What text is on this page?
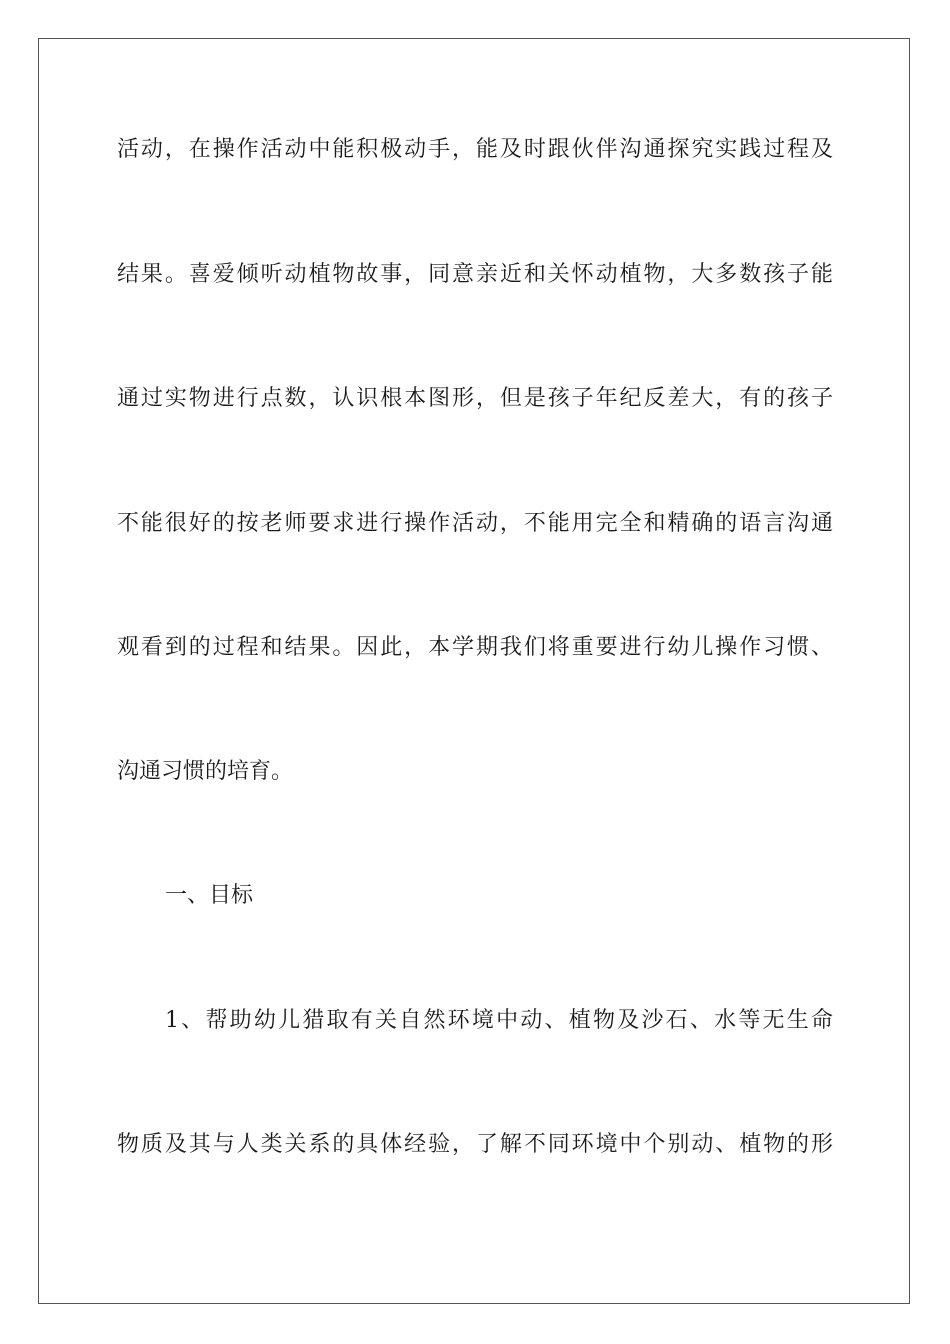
活动，在操作活动中能积极动手，能及时跟伙伴沟通探究实践过程及
结果。喜爱倾听动植物故事，同意亲近和关怀动植物，大多数孩子能
通过实物进行点数，认识根本图形，但是孩子年纪反差大，有的孩子
不能很好的按老师要求进行操作活动，不能用完全和精确的语言沟通
观看到的过程和结果。因此，本学期我们将重要进行幼儿操作习惯、
沟通习惯的培育。
一、目标
1、帮助幼儿猎取有关自然环境中动、植物及沙石、水等无生命
物质及其与人类关系的具体经验，了解不同环境中个别动、植物的形
